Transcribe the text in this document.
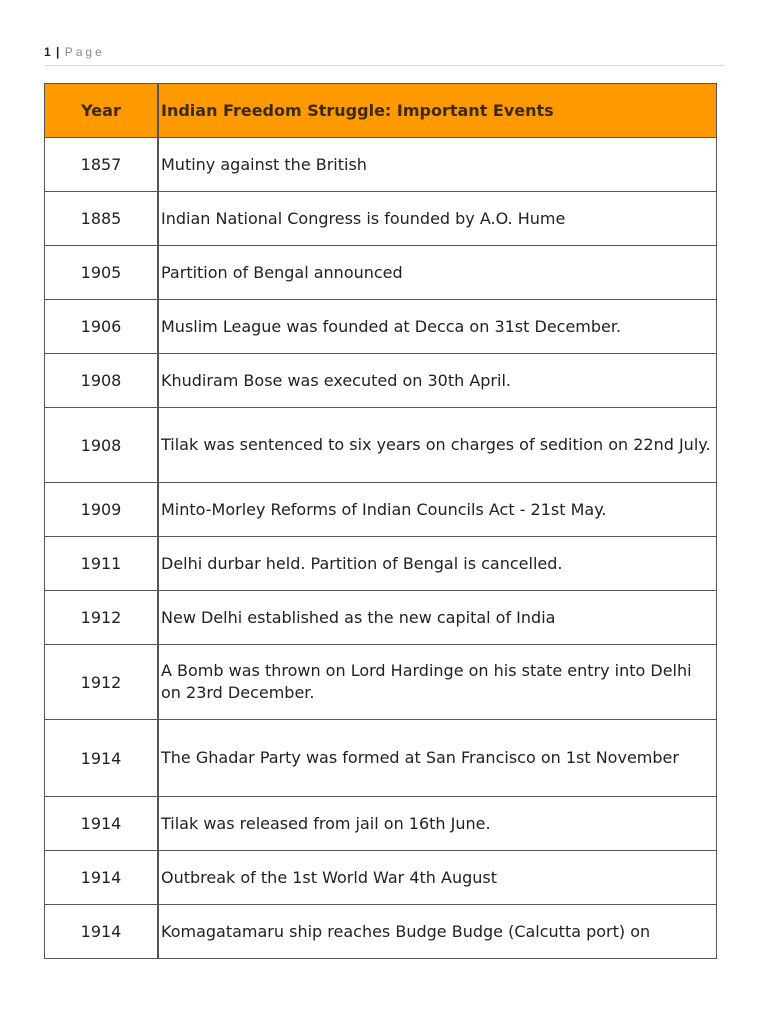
1 | Page
Year	Indian Freedom Struggle: Important Events
1857	Mutiny against the British
1885	Indian National Congress is founded by A.O. Hume
1905	Partition of Bengal announced
1906	Muslim League was founded at Decca on 31st December.
1908	Khudiram Bose was executed on 30th April.
1908	Tilak was sentenced to six years on charges of sedition on 22nd July.
1909	Minto-Morley Reforms of Indian Councils Act - 21st May.
1911	Delhi durbar held. Partition of Bengal is cancelled.
1912	New Delhi established as the new capital of India
1912	A Bomb was thrown on Lord Hardinge on his state entry into Delhi on 23rd December.
1914	The Ghadar Party was formed at San Francisco on 1st November
1914	Tilak was released from jail on 16th June.
1914	Outbreak of the 1st World War 4th August
1914	Komagatamaru ship reaches Budge Budge (Calcutta port) on
